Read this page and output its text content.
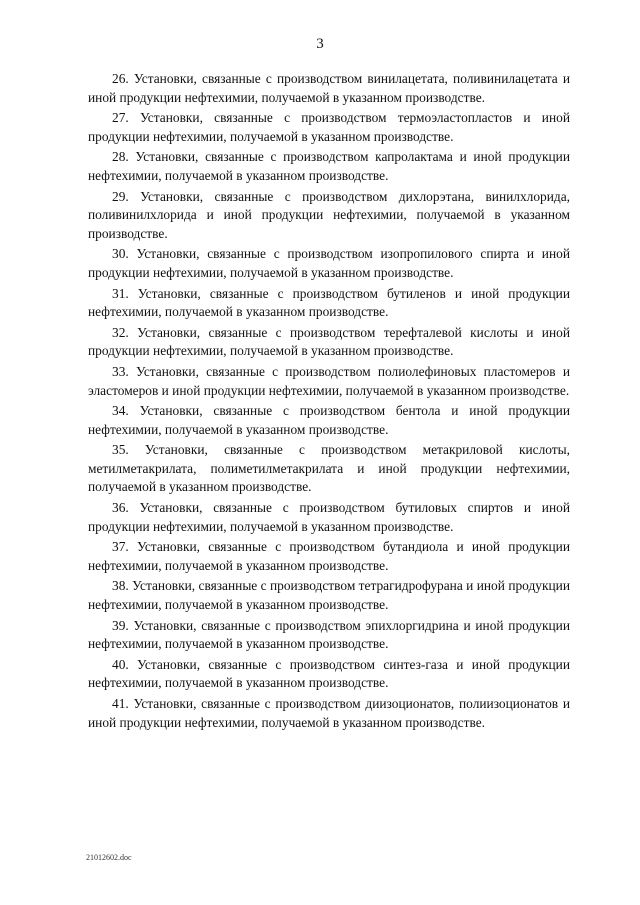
3

26. Установки, связанные с производством винилацетата, поливинилацетата и иной продукции нефтехимии, получаемой в указанном производстве.

27. Установки, связанные с производством термоэластопластов и иной продукции нефтехимии, получаемой в указанном производстве.

28. Установки, связанные с производством капролактама и иной продукции нефтехимии, получаемой в указанном производстве.

29. Установки, связанные с производством дихлорэтана, винилхлорида, поливинилхлорида и иной продукции нефтехимии, получаемой в указанном производстве.

30. Установки, связанные с производством изопропилового спирта и иной продукции нефтехимии, получаемой в указанном производстве.

31. Установки, связанные с производством бутиленов и иной продукции нефтехимии, получаемой в указанном производстве.

32. Установки, связанные с производством терефталевой кислоты и иной продукции нефтехимии, получаемой в указанном производстве.

33. Установки, связанные с производством полиолефиновых пластомеров и эластомеров и иной продукции нефтехимии, получаемой в указанном производстве.

34. Установки, связанные с производством бентола и иной продукции нефтехимии, получаемой в указанном производстве.

35. Установки, связанные с производством метакриловой кислоты, метилметакрилата, полиметилметакрилата и иной продукции нефтехимии, получаемой в указанном производстве.

36. Установки, связанные с производством бутиловых спиртов и иной продукции нефтехимии, получаемой в указанном производстве.

37. Установки, связанные с производством бутандиола и иной продукции нефтехимии, получаемой в указанном производстве.

38. Установки, связанные с производством тетрагидрофурана и иной продукции нефтехимии, получаемой в указанном производстве.

39. Установки, связанные с производством эпихлоргидрина и иной продукции нефтехимии, получаемой в указанном производстве.

40. Установки, связанные с производством синтез-газа и иной продукции нефтехимии, получаемой в указанном производстве.

41. Установки, связанные с производством диизоционатов, полиизоционатов и иной продукции нефтехимии, получаемой в указанном производстве.

21012602.doc
